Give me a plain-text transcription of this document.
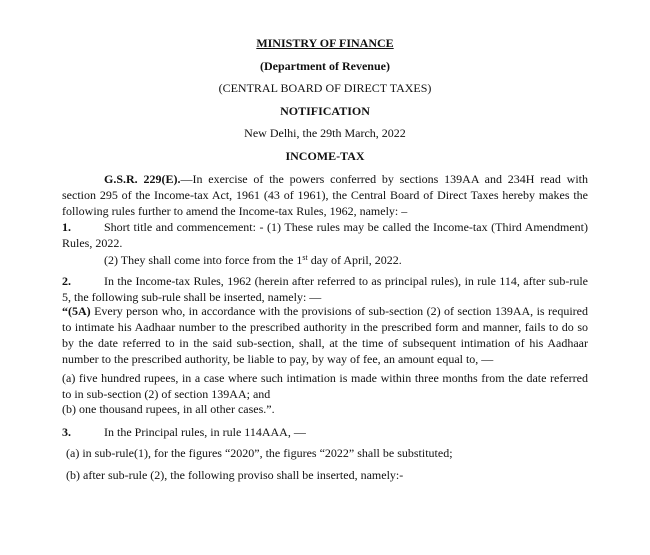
MINISTRY OF FINANCE

(Department of Revenue)

(CENTRAL BOARD OF DIRECT TAXES)

NOTIFICATION

New Delhi, the 29th March, 2022

INCOME-TAX

G.S.R. 229(E).—In exercise of the powers conferred by sections 139AA and 234H read with section 295 of the Income-tax Act, 1961 (43 of 1961), the Central Board of Direct Taxes hereby makes the following rules further to amend the Income-tax Rules, 1962, namely: –

1.	Short title and commencement: - (1) These rules may be called the Income-tax (Third Amendment) Rules, 2022.

(2) They shall come into force from the 1st day of April, 2022.

2.	In the Income-tax Rules, 1962 (herein after referred to as principal rules), in rule 114, after sub-rule 5, the following sub-rule shall be inserted, namely: —

“(5A) Every person who, in accordance with the provisions of sub-section (2) of section 139AA, is required to intimate his Aadhaar number to the prescribed authority in the prescribed form and manner, fails to do so by the date referred to in the said sub-section, shall, at the time of subsequent intimation of his Aadhaar number to the prescribed authority, be liable to pay, by way of fee, an amount equal to, —

(a) five hundred rupees, in a case where such intimation is made within three months from the date referred to in sub-section (2) of section 139AA; and

(b) one thousand rupees, in all other cases.”.

3.	In the Principal rules, in rule 114AAA, —

(a) in sub-rule(1), for the figures “2020”, the figures “2022” shall be substituted;

(b) after sub-rule (2), the following proviso shall be inserted, namely:-
